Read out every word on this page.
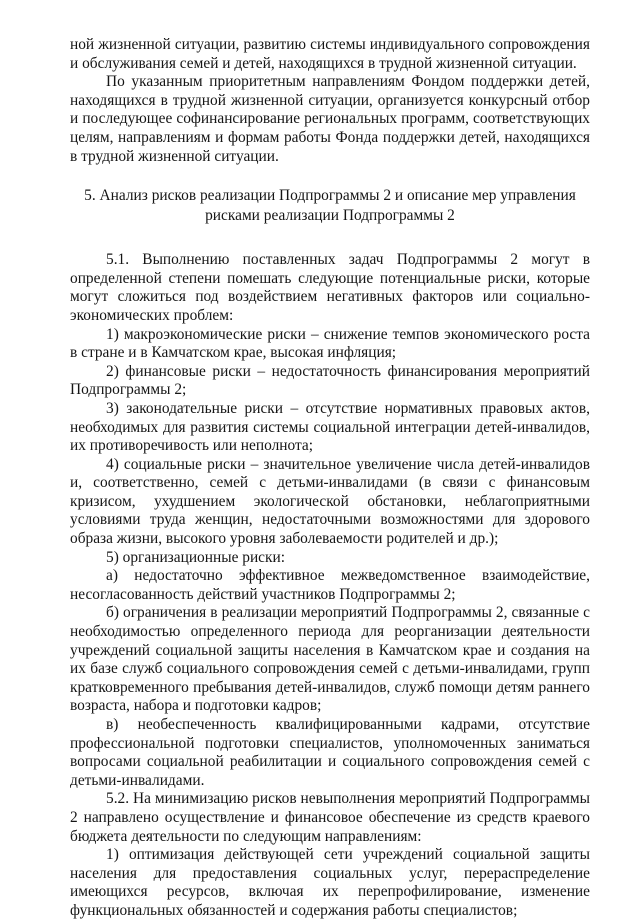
ной жизненной ситуации, развитию системы индивидуального сопровождения и обслуживания семей и детей, находящихся в трудной жизненной ситуации.

По указанным приоритетным направлениям Фондом поддержки детей, находящихся в трудной жизненной ситуации, организуется конкурсный отбор и последующее софинансирование региональных программ, соответствующих целям, направлениям и формам работы Фонда поддержки детей, находящихся в трудной жизненной ситуации.

5. Анализ рисков реализации Подпрограммы 2 и описание мер управления
рисками реализации Подпрограммы 2

5.1. Выполнению поставленных задач Подпрограммы 2 могут в определенной степени помешать следующие потенциальные риски, которые могут сложиться под воздействием негативных факторов или социально-экономических проблем:

1) макроэкономические риски – снижение темпов экономического роста в стране и в Камчатском крае, высокая инфляция;

2) финансовые риски – недостаточность финансирования мероприятий Подпрограммы 2;

3) законодательные риски – отсутствие нормативных правовых актов, необходимых для развития системы социальной интеграции детей-инвалидов, их противоречивость или неполнота;

4) социальные риски – значительное увеличение числа детей-инвалидов и, соответственно, семей с детьми-инвалидами (в связи с финансовым кризисом, ухудшением экологической обстановки, неблагоприятными условиями труда женщин, недостаточными возможностями для здорового образа жизни, высокого уровня заболеваемости родителей и др.);

5) организационные риски:

а) недостаточно эффективное межведомственное взаимодействие, несогласованность действий участников Подпрограммы 2;

б) ограничения в реализации мероприятий Подпрограммы 2, связанные с необходимостью определенного периода для реорганизации деятельности учреждений социальной защиты населения в Камчатском крае и создания на их базе служб социального сопровождения семей с детьми-инвалидами, групп кратковременного пребывания детей-инвалидов, служб помощи детям раннего возраста, набора и подготовки кадров;

в) необеспеченность квалифицированными кадрами, отсутствие профессиональной подготовки специалистов, уполномоченных заниматься вопросами социальной реабилитации и социального сопровождения семей с детьми-инвалидами.

5.2. На минимизацию рисков невыполнения мероприятий Подпрограммы 2 направлено осуществление и финансовое обеспечение из средств краевого бюджета деятельности по следующим направлениям:

1) оптимизация действующей сети учреждений социальной защиты населения для предоставления социальных услуг, перераспределение имеющихся ресурсов, включая их перепрофилирование, изменение функциональных обязанностей и содержания работы специалистов;
